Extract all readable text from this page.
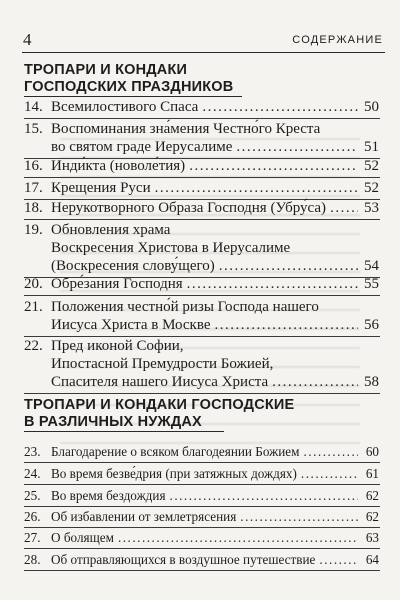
4	СОДЕРЖАНИЕ
ТРОПАРИ И КОНДАКИ
ГОСПОДСКИХ ПРАЗДНИКОВ
14. Всемилостивого Спаса .....	50
15. Воспоминания зна́мения Честно́го Креста
во святом граде Иерусалиме .....	51
16. Инди́кта (новоле́тия) .....	52
17. Крещения Руси .....	52
18. Нерукотворного Образа Господня (Убру́са) .....	53
19. Обновления храма
Воскресения Христова в Иерусалиме
(Воскресения слову́щего) .....	54
20. Обре́зания Господня .....	55
21. Положения честно́й ризы Господа нашего
Иисуса Христа в Москве .....	56
22. Пред иконой Софии,
Ипостасной Премудрости Божией,
Спасителя нашего Иисуса Христа .....	58
ТРОПАРИ И КОНДАКИ ГОСПОДСКИЕ
В РАЗЛИЧНЫХ НУЖДАХ
23. Благодарение о всяком благодеянии Божием .....	60
24. Во время безве́дрия (при затяжных дождях) .....	61
25. Во время бездождия .....	62
26. Об избавлении от землетрясения .....	62
27. О болящем .....	63
28. Об отправляющихся в воздушное путешествие .....	64
